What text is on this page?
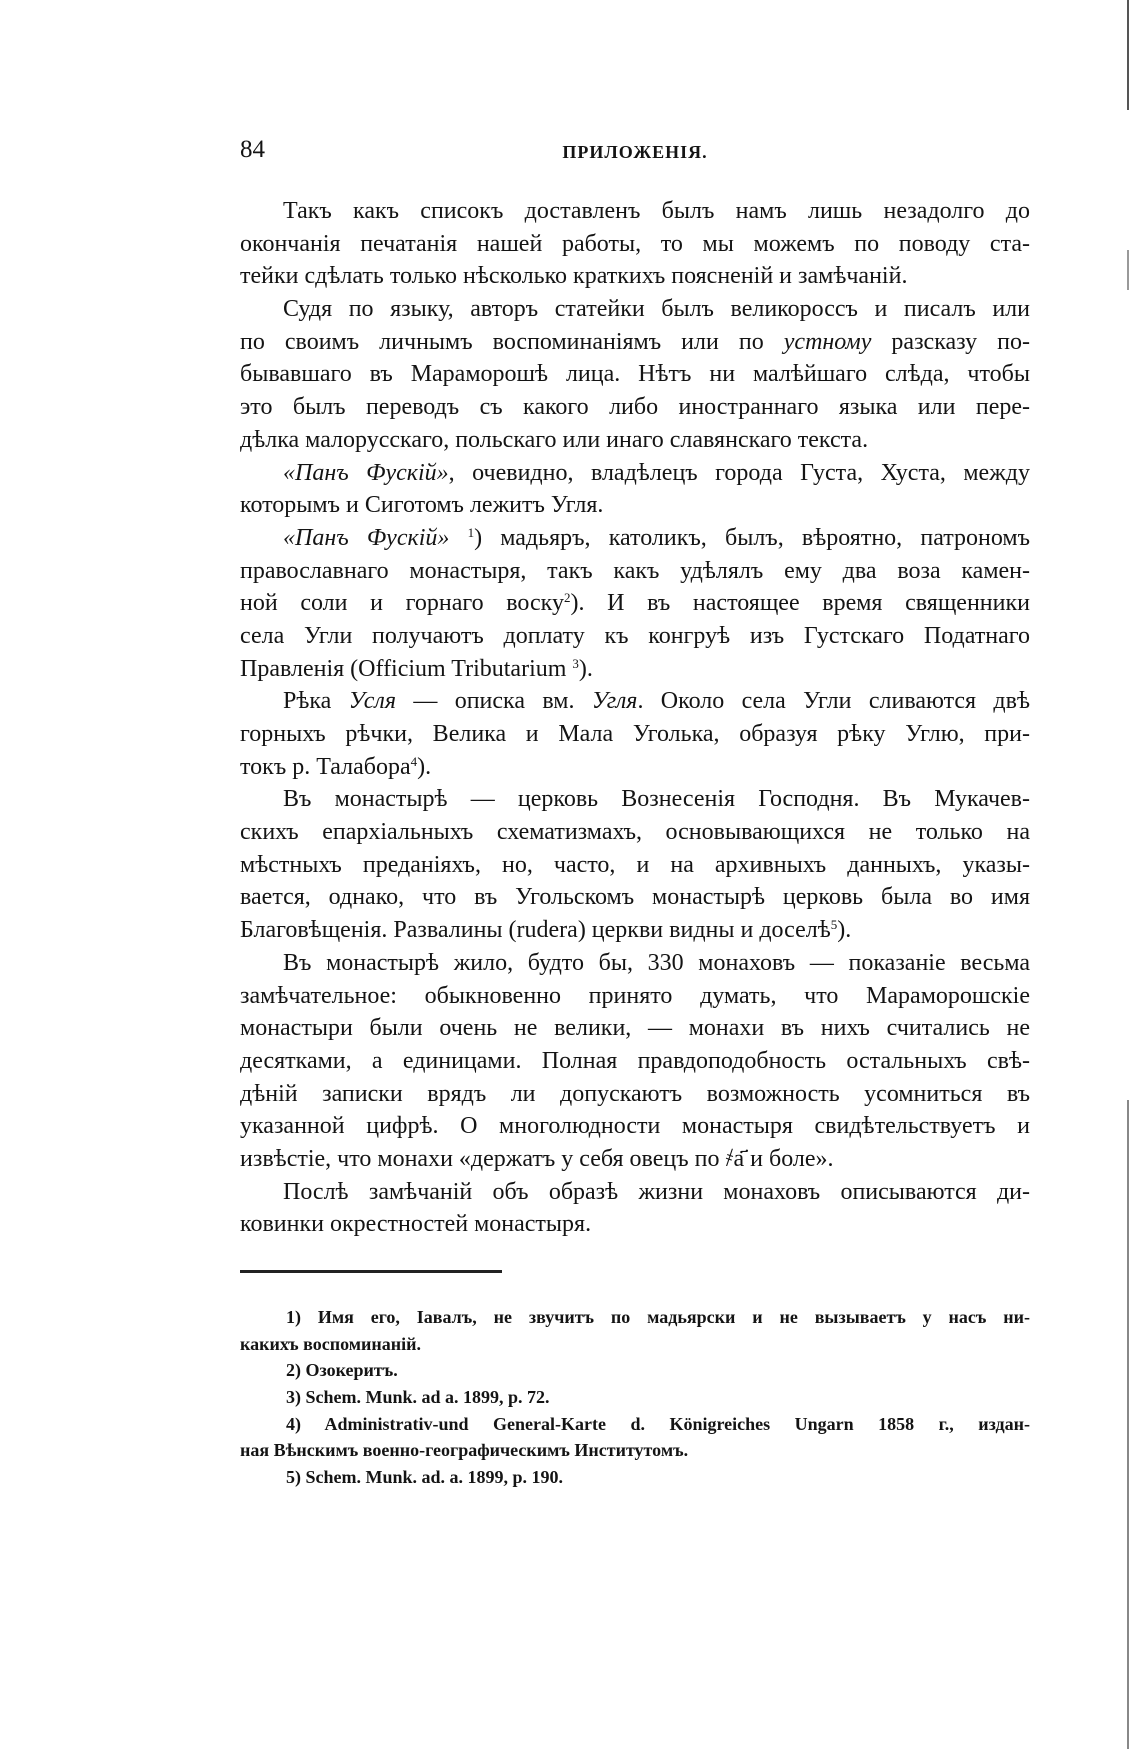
84	ПРИЛОЖЕНІЯ.
Такъ какъ списокъ доставленъ былъ намъ лишь незадолго до
окончанія печатанія нашей работы, то мы можемъ по поводу ста-
тейки сдѣлать только нѣсколько краткихъ поясненій и замѣчаній.
Судя по языку, авторъ статейки былъ великороссъ и писалъ или
по своимъ личнымъ воспоминаніямъ или по устному разсказу по-
бывавшаго въ Мараморошѣ лица. Нѣтъ ни малѣйшаго слѣда, чтобы
это былъ переводъ съ какого либо иностраннаго языка или пере-
дѣлка малорусскаго, польскаго или инаго славянскаго текста.
«Панъ Фускій», очевидно, владѣлецъ города Густа, Хуста, между
которымъ и Сиготомъ лежитъ Угля.
«Панъ Фускій» $^1$) мадьяръ, католикъ, былъ, вѣроятно, патрономъ
православнаго монастыря, такъ какъ удѣлялъ ему два воза камен-
ной соли и горнаго воску$^2$). И въ настоящее время священники
села Угли получаютъ доплату къ конгруѣ изъ Густскаго Податнаго
Правленія (Officium Tributarium $^3$).
Рѣка Усля — описка вм. Угля. Около села Угли сливаются двѣ
горныхъ рѣчки, Велика и Мала Уголька, образуя рѣку Углю, при-
токъ р. Талабора$^4$).
Въ монастырѣ — церковь Вознесенія Господня. Въ Мукачев-
скихъ епархіальныхъ схематизмахъ, основывающихся не только на
мѣстныхъ преданіяхъ, но, часто, и на архивныхъ данныхъ, указы-
вается, однако, что въ Угольскомъ монастырѣ церковь была во имя
Благовѣщенія. Развалины (rudera) церкви видны и доселѣ$^5$).
Въ монастырѣ жило, будто бы, 330 монаховъ — показаніе весьма
замѣчательное: обыкновенно принято думать, что Мараморошскіе
монастыри были очень не велики, — монахи въ нихъ считались не
десятками, а единицами. Полная правдоподобность остальныхъ свѣ-
дѣній записки врядъ ли допускаютъ возможность усомниться въ
указанной цифрѣ. О многолюдности монастыря свидѣтельствуетъ и
извѣстіе, что монахи «держатъ у себя овецъ по ҂а҃ и боле».
Послѣ замѣчаній объ образѣ жизни монаховъ описываются ди-
ковинки окрестностей монастыря.
1) Имя его, Іавалъ, не звучитъ по мадьярски и не вызываетъ у насъ ни-
какихъ воспоминаній.
2) Озокеритъ.
3) Schem. Munk. ad a. 1899, p. 72.
4) Administrativ-und General-Karte d. Königreiches Ungarn 1858 г., издан-
ная Вѣнскимъ военно-географическимъ Институтомъ.
5) Schem. Munk. ad. a. 1899, p. 190.
